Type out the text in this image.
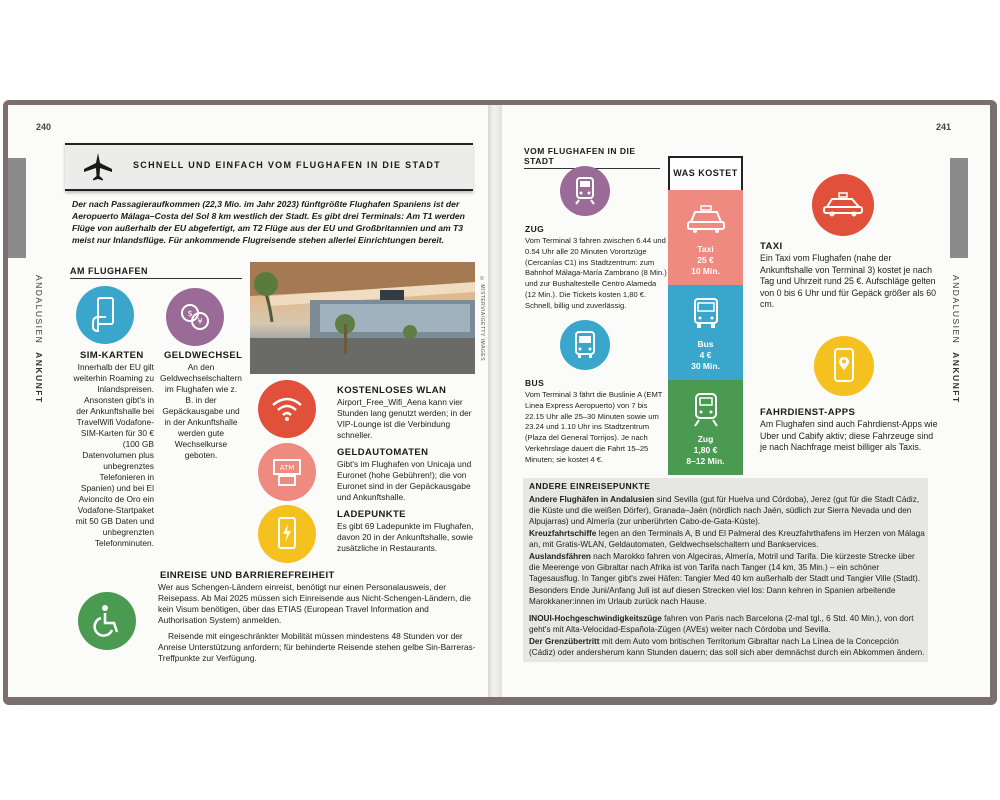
240
ANDALUSIEN  ANKUNFT
SCHNELL UND EINFACH VOM FLUGHAFEN IN DIE STADT
Der nach Passagieraufkommen (22,3 Mio. im Jahr 2023) fünftgrößte Flughafen Spaniens ist der Aeropuerto Málaga–Costa del Sol 8 km westlich der Stadt. Es gibt drei Terminals: Am T1 werden Flüge von außerhalb der EU abgefertigt, am T2 Flüge aus der EU und Großbritannien und am T3 meist nur Inlandsflüge. Für ankommende Flugreisende stehen allerlei Einrichtungen bereit.
AM FLUGHAFEN
SIM-KARTEN
Innerhalb der EU gilt weiterhin Roaming zu Inlandspreisen. Ansonsten gibt's in der Ankunftshalle bei TravelWifi Vodafone-SIM-Karten für 30 € (100 GB Datenvolumen plus unbegrenztes Telefonieren in Spanien) und bei El Avioncito de Oro ein Vodafone-Startpaket mit 50 GB Daten und unbegrenzten Telefonminuten.
$
¥
GELDWECHSEL
An den Geldwechselschaltern im Flughafen wie z. B. in der Gepäckausgabe und in der Ankunftshalle werden gute Wechselkurse geboten.
© MISTERVIA/GETTY IMAGES
KOSTENLOSES WLAN
Airport_Free_Wifi_Aena kann vier Stunden lang genutzt werden; in der VIP-Lounge ist die Verbindung schneller.
ATM
GELDAUTOMATEN
Gibt's im Flughafen von Unicaja und Euronet (hohe Gebühren!); die von Euronet sind in der Gepäckausgabe und Ankunftshalle.
LADEPUNKTE
Es gibt 69 Ladepunkte im Flughafen, davon 20 in der Ankunftshalle, sowie zusätzliche in Restaurants.
EINREISE UND BARRIEREFREIHEIT
Wer aus Schengen-Ländern einreist, benötigt nur einen Personalausweis, der Reisepass. Ab Mai 2025 müssen sich Einreisende aus Nicht-Schengen-Ländern, die kein Visum benötigen, über das ETIAS (European Travel Information and Authorisation System) anmelden.
Reisende mit eingeschränkter Mobilität müssen mindestens 48 Stunden vor der Anreise Unterstützung anfordern; für behinderte Reisende stehen gelbe Sin-Barreras-Treffpunkte zur Verfügung.
241
ANDALUSIEN  ANKUNFT
VOM FLUGHAFEN IN DIE STADT
ZUG
Vom Terminal 3 fahren zwischen 6.44 und 0.54 Uhr alle 20 Minuten Vorortzüge (Cercanías C1) ins Stadtzentrum: zum Bahnhof Málaga-María Zambrano (8 Min.) und zur Bushaltestelle Centro Alameda (12 Min.). Die Tickets kosten 1,80 €. Schnell, billig und zuverlässig.
BUS
Vom Terminal 3 fährt die Buslinie A (EMT Linea Express Aeropuerto) von 7 bis 22.15 Uhr alle 25–30 Minuten sowie um 23.24 und 1.10 Uhr ins Stadtzentrum (Plaza del General Torrijos). Je nach Verkehrslage dauert die Fahrt 15–25 Minuten; sie kostet 4 €.
WAS KOSTET
Taxi
25 €
10 Min.
Bus
4 €
30 Min.
Zug
1,80 €
8–12 Min.
TAXI
Ein Taxi vom Flughafen (nahe der Ankunftshalle von Terminal 3) kostet je nach Tag und Uhrzeit rund 25 €. Aufschläge gelten von 0 bis 6 Uhr und für Gepäck größer als 60 cm.
FAHRDIENST-APPS
Am Flughafen sind auch Fahrdienst-Apps wie Uber und Cabify aktiv; diese Fahrzeuge sind je nach Nachfrage meist billiger als Taxis.
ANDERE EINREISEPUNKTE
Andere Flughäfen in Andalusien sind Sevilla (gut für Huelva und Córdoba), Jerez (gut für die Stadt Cádiz, die Küste und die weißen Dörfer), Granada–Jaén (nördlich nach Jaén, südlich zur Sierra Nevada und den Alpujarras) und Almería (zur unberührten Cabo-de-Gata-Küste).
Kreuzfahrtschiffe legen an den Terminals A, B und El Palmeral des Kreuzfahrthafens im Herzen von Málaga an, mit Gratis-WLAN, Geldautomaten, Geldwechselschaltern und Bankservices.
Auslandsfähren nach Marokko fahren von Algeciras, Almería, Motril und Tarifa. Die kürzeste Strecke über die Meerenge von Gibraltar nach Afrika ist von Tarifa nach Tanger (14 km, 35 Min.) – ein schöner Tagesausflug. In Tanger gibt's zwei Häfen: Tangier Med 40 km außerhalb der Stadt und Tangier Ville (Stadt). Besonders Ende Juni/Anfang Juli ist auf diesen Strecken viel los: Dann kehren in Spanien arbeitende Marokkaner:innen im Urlaub zurück nach Hause.
INOUI-Hochgeschwindigkeitszüge fahren von Paris nach Barcelona (2-mal tgl., 6 Std. 40 Min.), von dort geht's mit Alta-Velocidad-Española-Zügen (AVEs) weiter nach Córdoba und Sevilla.
Der Grenzübertritt mit dem Auto vom britischen Territorium Gibraltar nach La Línea de la Concepción (Cádiz) oder andersherum kann Stunden dauern; das soll sich aber demnächst durch ein Abkommen ändern.
